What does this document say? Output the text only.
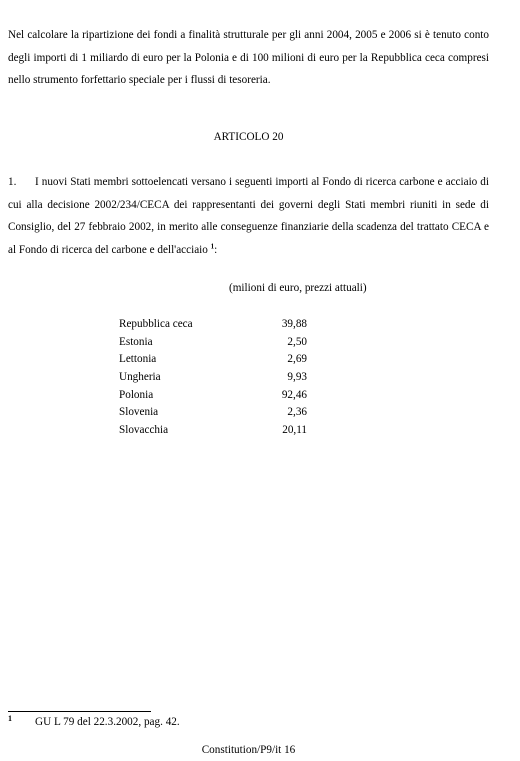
Nel calcolare la ripartizione dei fondi a finalità strutturale per gli anni 2004, 2005 e 2006 si è tenuto conto degli importi di 1 miliardo di euro per la Polonia e di 100 milioni di euro per la Repubblica ceca compresi nello strumento forfettario speciale per i flussi di tesoreria.

ARTICOLO 20

1. I nuovi Stati membri sottoelencati versano i seguenti importi al Fondo di ricerca carbone e acciaio di cui alla decisione 2002/234/CECA dei rappresentanti dei governi degli Stati membri riuniti in sede di Consiglio, del 27 febbraio 2002, in merito alle conseguenze finanziarie della scadenza del trattato CECA e al Fondo di ricerca del carbone e dell'acciaio $^1$:

(milioni di euro, prezzi attuali)
Repubblica ceca	39,88
Estonia	2,50
Lettonia	2,69
Ungheria	9,93
Polonia	92,46
Slovenia	2,36
Slovacchia	20,11
1 GU L 79 del 22.3.2002, pag. 42.
Constitution/P9/it 16
